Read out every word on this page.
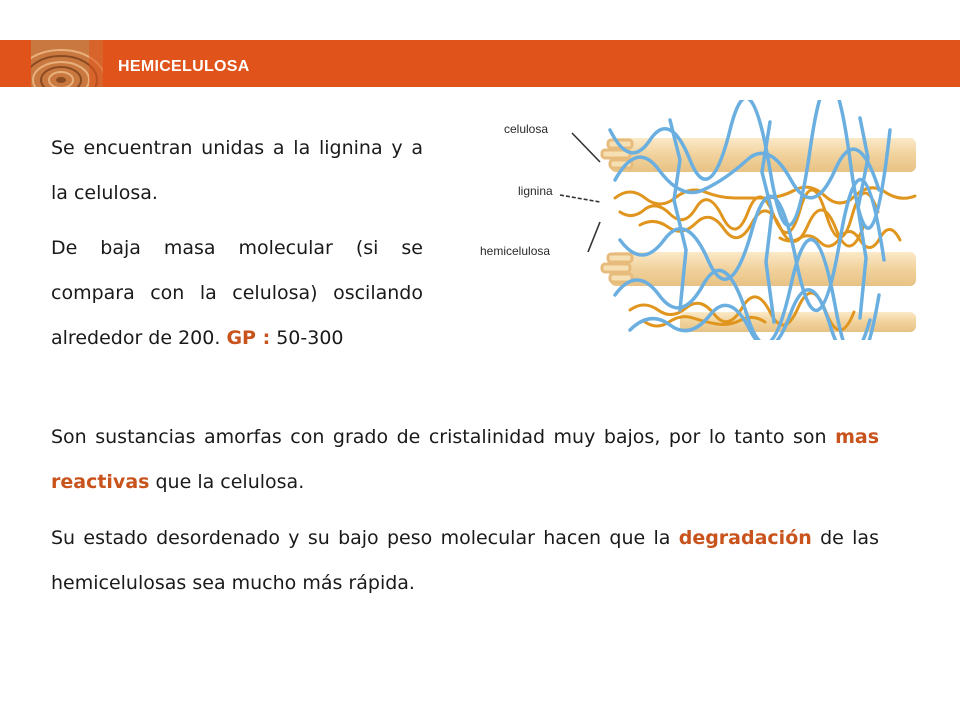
HEMICELULOSA

Se encuentran unidas a la lignina y a la celulosa.

De baja masa molecular (si se compara con la celulosa) oscilando alrededor de 200. GP : 50-300

Son sustancias amorfas con grado de cristalinidad muy bajos, por lo tanto son mas reactivas que la celulosa.

Su estado desordenado y su bajo peso molecular hacen que la degradación de las hemicelulosas sea mucho más rápida.

celulosa
lignina
hemicelulosa
